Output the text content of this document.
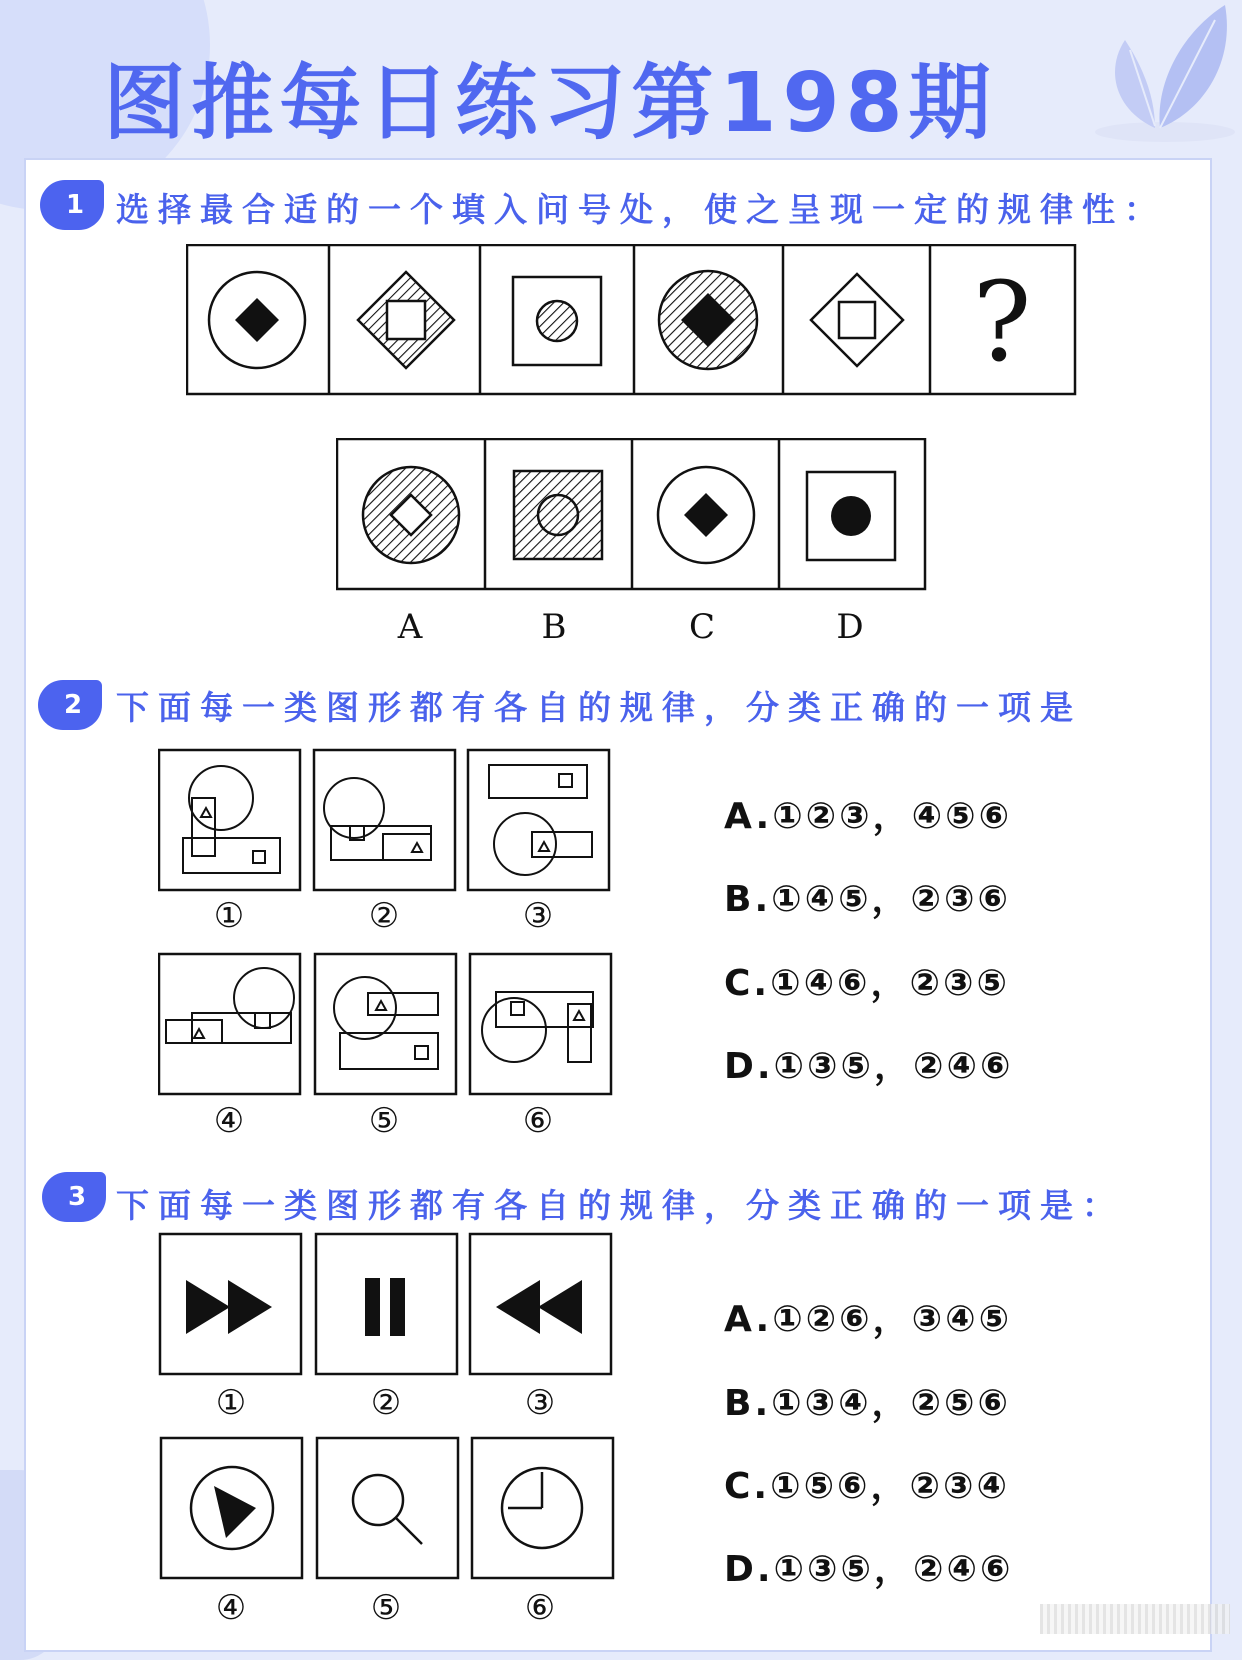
图推每日练习第198期
1 选择最合适的一个填入问号处，使之呈现一定的规律性：
?
A	B	C	D
2	下面每一类图形都有各自的规律，分类正确的一项是
①	②	③
④	⑤	⑥
A.①②③，④⑤⑥
B.①④⑤，②③⑥
C.①④⑥，②③⑤
D.①③⑤，②④⑥
3 下面每一类图形都有各自的规律，分类正确的一项是：
①	②	③
④	⑤	⑥
A.①②⑥，③④⑤
B.①③④，②⑤⑥
C.①⑤⑥，②③④
D.①③⑤，②④⑥
